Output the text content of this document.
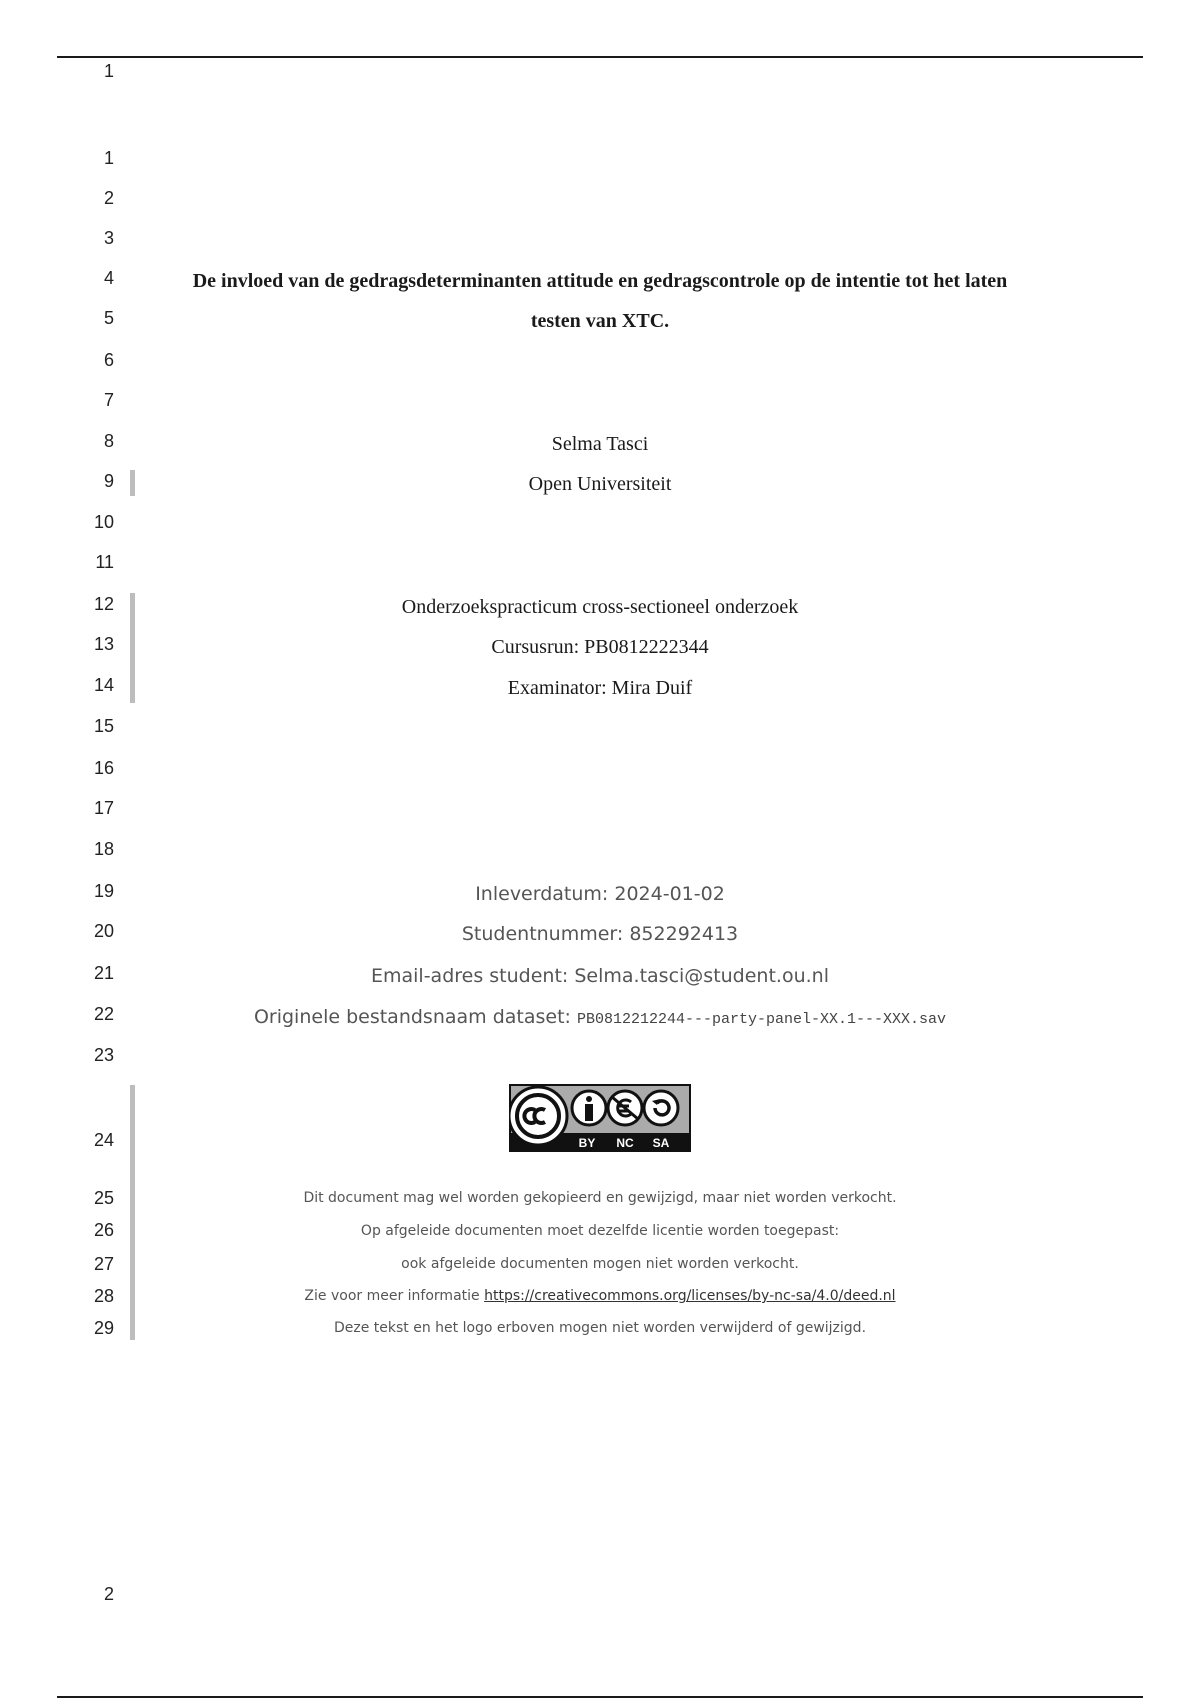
1
2
1
2
3
4
5
6
7
8
9
10
11
12
13
14
15
16
17
18
19
20
21
22
23
24
25
26
27
28
29
De invloed van de gedragsdeterminanten attitude en gedragscontrole op de intentie tot het laten
testen van XTC.
Selma Tasci
Open Universiteit
Onderzoekspracticum cross-sectioneel onderzoek
Cursusrun: PB0812222344
Examinator: Mira Duif
Inleverdatum: 2024-01-02
Studentnummer: 852292413
Email-adres student: Selma.tasci@student.ou.nl
Originele bestandsnaam dataset: PB0812212244---party-panel-XX.1---XXX.sav
BY NC SA
Dit document mag wel worden gekopieerd en gewijzigd, maar niet worden verkocht.
Op afgeleide documenten moet dezelfde licentie worden toegepast:
ook afgeleide documenten mogen niet worden verkocht.
Zie voor meer informatie https://creativecommons.org/licenses/by-nc-sa/4.0/deed.nl
Deze tekst en het logo erboven mogen niet worden verwijderd of gewijzigd.
